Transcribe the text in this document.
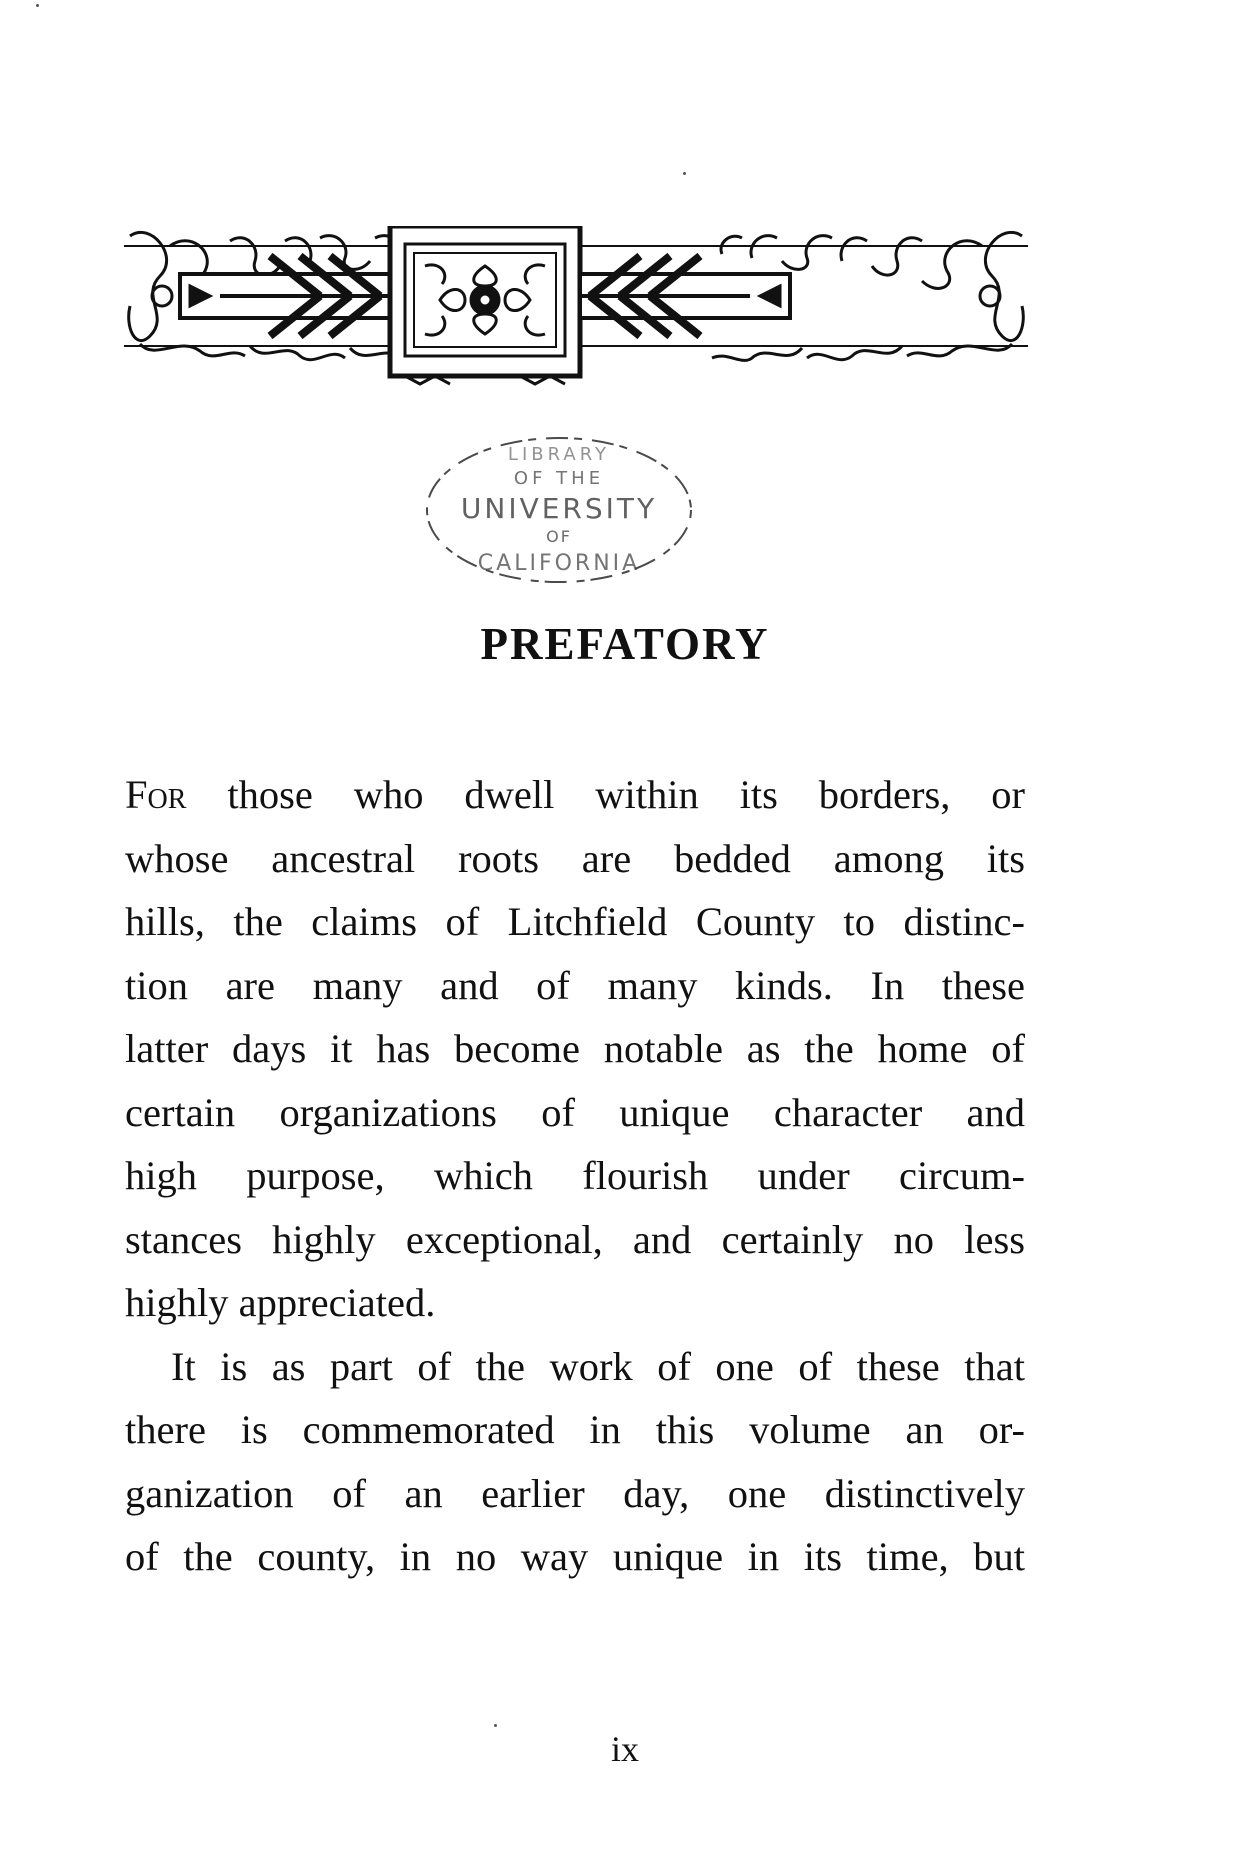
LIBRARY
OF THE
UNIVERSITY
OF
CALIFORNIA
PREFATORY
For those who dwell within its borders, or
whose ancestral roots are bedded among its
hills, the claims of Litchfield County to distinc-
tion are many and of many kinds. In these
latter days it has become notable as the home of
certain organizations of unique character and
high purpose, which flourish under circum-
stances highly exceptional, and certainly no less
highly appreciated.
It is as part of the work of one of these that
there is commemorated in this volume an or-
ganization of an earlier day, one distinctively
of the county, in no way unique in its time, but

ix
